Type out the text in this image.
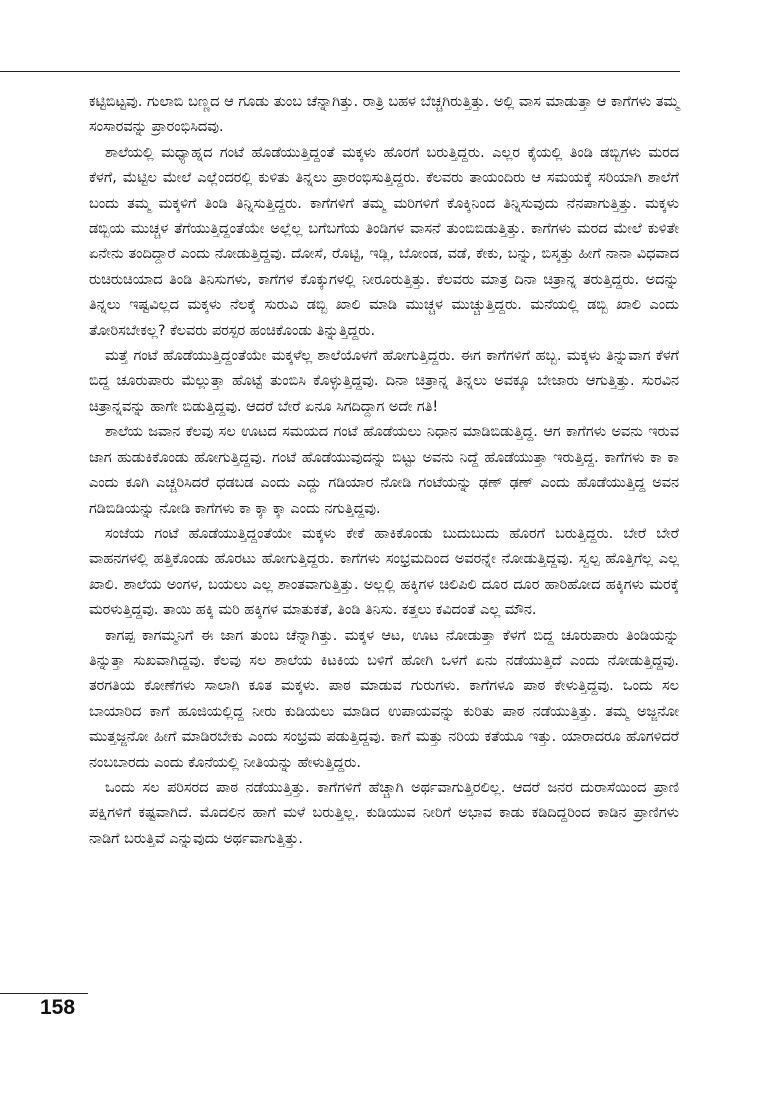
ಕಟ್ಟಿಬಿಟ್ಟವು. ಗುಲಾಬಿ ಬಣ್ಣದ ಆ ಗೂಡು ತುಂಬ ಚೆನ್ನಾಗಿತ್ತು. ರಾತ್ರಿ ಬಹಳ ಬೆಚ್ಚಗಿರುತ್ತಿತ್ತು. ಅಲ್ಲಿ ವಾಸ ಮಾಡುತ್ತಾ ಆ ಕಾಗೆಗಳು ತಮ್ಮ ಸಂಸಾರವನ್ನು ಪ್ರಾರಂಭಿಸಿದವು.

ಶಾಲೆಯಲ್ಲಿ ಮಧ್ಯಾಹ್ನದ ಗಂಟೆ ಹೊಡೆಯುತ್ತಿದ್ದಂತೆ ಮಕ್ಕಳು ಹೊರಗೆ ಬರುತ್ತಿದ್ದರು. ಎಲ್ಲರ ಕೈಯಲ್ಲಿ ತಿಂಡಿ ಡಬ್ಬಿಗಳು ಮರದ ಕೆಳಗೆ, ಮೆಟ್ಟಿಲ ಮೇಲೆ ಎಲ್ಲೆಂದರಲ್ಲಿ ಕುಳಿತು ತಿನ್ನಲು ಪ್ರಾರಂಭಿಸುತ್ತಿದ್ದರು. ಕೆಲವರು ತಾಯಂದಿರು ಆ ಸಮಯಕ್ಕೆ ಸರಿಯಾಗಿ ಶಾಲೆಗೆ ಬಂದು ತಮ್ಮ ಮಕ್ಕಳಿಗೆ ತಿಂಡಿ ತಿನ್ನಿಸುತ್ತಿದ್ದರು. ಕಾಗೆಗಳಿಗೆ ತಮ್ಮ ಮರಿಗಳಿಗೆ ಕೊಕ್ಕಿನಿಂದ ತಿನ್ನಿಸುವುದು ನೆನಪಾಗುತ್ತಿತ್ತು. ಮಕ್ಕಳು ಡಬ್ಬಿಯ ಮುಚ್ಚಳ ತೆಗೆಯುತ್ತಿದ್ದಂತೆಯೇ ಅಲ್ಲೆಲ್ಲ ಬಗೆಬಗೆಯ ತಿಂಡಿಗಳ ವಾಸನೆ ತುಂಬಿಬಿಡುತ್ತಿತ್ತು. ಕಾಗೆಗಳು ಮರದ ಮೇಲೆ ಕುಳಿತೇ ಏನೇನು ತಂದಿದ್ದಾರೆ ಎಂದು ನೋಡುತ್ತಿದ್ದವು. ದೋಸೆ, ರೊಟ್ಟಿ, ಇಡ್ಲಿ, ಬೋಂಡ, ವಡೆ, ಕೇಕು, ಬನ್ನು, ಬಿಸ್ಕತ್ತು ಹೀಗೆ ನಾನಾ ವಿಧವಾದ ರುಚಿರುಚಿಯಾದ ತಿಂಡಿ ತಿನಿಸುಗಳು, ಕಾಗೆಗಳ ಕೊಕ್ಕುಗಳಲ್ಲಿ ನೀರೂರುತ್ತಿತ್ತು. ಕೆಲವರು ಮಾತ್ರ ದಿನಾ ಚಿತ್ರಾನ್ನ ತರುತ್ತಿದ್ದರು. ಅದನ್ನು ತಿನ್ನಲು ಇಷ್ಟವಿಲ್ಲದ ಮಕ್ಕಳು ನೆಲಕ್ಕೆ ಸುರುವಿ ಡಬ್ಬಿ ಖಾಲಿ ಮಾಡಿ ಮುಚ್ಚಳ ಮುಚ್ಚುತ್ತಿದ್ದರು. ಮನೆಯಲ್ಲಿ ಡಬ್ಬಿ ಖಾಲಿ ಎಂದು ತೋರಿಸಬೇಕಲ್ಲ? ಕೆಲವರು ಪರಸ್ಪರ ಹಂಚಿಕೊಂಡು ತಿನ್ನುತ್ತಿದ್ದರು.

ಮತ್ತೆ ಗಂಟೆ ಹೊಡೆಯುತ್ತಿದ್ದಂತೆಯೇ ಮಕ್ಕಳೆಲ್ಲ ಶಾಲೆಯೊಳಗೆ ಹೋಗುತ್ತಿದ್ದರು. ಈಗ ಕಾಗೆಗಳಿಗೆ ಹಬ್ಬ. ಮಕ್ಕಳು ತಿನ್ನುವಾಗ ಕೆಳಗೆ ಬಿದ್ದ ಚೂರುಪಾರು ಮೆಲ್ಲುತ್ತಾ ಹೊಟ್ಟೆ ತುಂಬಿಸಿ ಕೊಳ್ಳುತ್ತಿದ್ದವು. ದಿನಾ ಚಿತ್ರಾನ್ನ ತಿನ್ನಲು ಅವಕ್ಕೂ ಬೇಜಾರು ಆಗುತ್ತಿತ್ತು. ಸುರವಿನ ಚಿತ್ರಾನ್ನವನ್ನು ಹಾಗೇ ಬಿಡುತ್ತಿದ್ದವು. ಆದರೆ ಬೇರೆ ಏನೂ ಸಿಗದಿದ್ದಾಗ ಅದೇ ಗತಿ!

ಶಾಲೆಯ ಜವಾನ ಕೆಲವು ಸಲ ಊಟದ ಸಮಯದ ಗಂಟೆ ಹೊಡೆಯಲು ನಿಧಾನ ಮಾಡಿಬಿಡುತ್ತಿದ್ದ. ಆಗ ಕಾಗೆಗಳು ಅವನು ಇರುವ ಜಾಗ ಹುಡುಕಿಕೊಂಡು ಹೋಗುತ್ತಿದ್ದವು. ಗಂಟೆ ಹೊಡೆಯುವುದನ್ನು ಬಿಟ್ಟು ಅವನು ನಿದ್ದೆ ಹೊಡೆಯುತ್ತಾ ಇರುತ್ತಿದ್ದ. ಕಾಗೆಗಳು ಕಾ ಕಾ ಎಂದು ಕೂಗಿ ಎಚ್ಚರಿಸಿದರೆ ಧಡಬಡ ಎಂದು ಎದ್ದು ಗಡಿಯಾರ ನೋಡಿ ಗಂಟೆಯನ್ನು ಢಣ್ ಢಣ್ ಎಂದು ಹೊಡೆಯುತ್ತಿದ್ದ ಅವನ ಗಡಿಬಿಡಿಯನ್ನು ನೋಡಿ ಕಾಗೆಗಳು ಕಾ ಕ್ಕಾ ಕ್ಕಾ ಎಂದು ನಗುತ್ತಿದ್ದವು.

ಸಂಜೆಯ ಗಂಟೆ ಹೊಡೆಯುತ್ತಿದ್ದಂತೆಯೇ ಮಕ್ಕಳು ಕೇಕೆ ಹಾಕಿಕೊಂಡು ಬುದುಬುದು ಹೊರಗೆ ಬರುತ್ತಿದ್ದರು. ಬೇರೆ ಬೇರೆ ವಾಹನಗಳಲ್ಲಿ ಹತ್ತಿಕೊಂಡು ಹೊರಟು ಹೋಗುತ್ತಿದ್ದರು. ಕಾಗೆಗಳು ಸಂಭ್ರಮದಿಂದ ಅವರನ್ನೇ ನೋಡುತ್ತಿದ್ದವು. ಸ್ವಲ್ಪ ಹೊತ್ತಿಗೆಲ್ಲ ಎಲ್ಲ ಖಾಲಿ. ಶಾಲೆಯ ಅಂಗಳ, ಬಯಲು ಎಲ್ಲ ಶಾಂತವಾಗುತ್ತಿತ್ತು. ಅಲ್ಲಲ್ಲಿ ಹಕ್ಕಿಗಳ ಚಿಲಿಪಿಲಿ ದೂರ ದೂರ ಹಾರಿಹೋದ ಹಕ್ಕಿಗಳು ಮರಕ್ಕೆ ಮರಳುತ್ತಿದ್ದವು. ತಾಯಿ ಹಕ್ಕಿ ಮರಿ ಹಕ್ಕಿಗಳ ಮಾತುಕತೆ, ತಿಂಡಿ ತಿನಿಸು. ಕತ್ತಲು ಕವಿದಂತೆ ಎಲ್ಲ ಮೌನ.

ಕಾಗಪ್ಪ ಕಾಗಮ್ಮನಿಗೆ ಈ ಜಾಗ ತುಂಬ ಚೆನ್ನಾಗಿತ್ತು. ಮಕ್ಕಳ ಆಟ, ಊಟ ನೋಡುತ್ತಾ ಕೆಳಗೆ ಬಿದ್ದ ಚೂರುಪಾರು ತಿಂಡಿಯನ್ನು ತಿನ್ನುತ್ತಾ ಸುಖವಾಗಿದ್ದವು. ಕೆಲವು ಸಲ ಶಾಲೆಯ ಕಿಟಕಿಯ ಬಳಿಗೆ ಹೋಗಿ ಒಳಗೆ ಏನು ನಡೆಯುತ್ತಿದೆ ಎಂದು ನೋಡುತ್ತಿದ್ದವು. ತರಗತಿಯ ಕೋಣೆಗಳು ಸಾಲಾಗಿ ಕೂತ ಮಕ್ಕಳು. ಪಾಠ ಮಾಡುವ ಗುರುಗಳು. ಕಾಗೆಗಳೂ ಪಾಠ ಕೇಳುತ್ತಿದ್ದವು. ಒಂದು ಸಲ ಬಾಯಾರಿದ ಕಾಗೆ ಹೂಜಿಯಲ್ಲಿದ್ದ ನೀರು ಕುಡಿಯಲು ಮಾಡಿದ ಉಪಾಯವನ್ನು ಕುರಿತು ಪಾಠ ನಡೆಯುತ್ತಿತ್ತು. ತಮ್ಮ ಅಜ್ಜನೋ ಮುತ್ತಜ್ಜನೋ ಹೀಗೆ ಮಾಡಿರಬೇಕು ಎಂದು ಸಂಭ್ರಮ ಪಡುತ್ತಿದ್ದವು. ಕಾಗೆ ಮತ್ತು ನರಿಯ ಕತೆಯೂ ಇತ್ತು. ಯಾರಾದರೂ ಹೊಗಳಿದರೆ ನಂಬಬಾರದು ಎಂದು ಕೊನೆಯಲ್ಲಿ ನೀತಿಯನ್ನು ಹೇಳುತ್ತಿದ್ದರು.

ಒಂದು ಸಲ ಪರಿಸರದ ಪಾಠ ನಡೆಯುತ್ತಿತ್ತು. ಕಾಗೆಗಳಿಗೆ ಹೆಚ್ಚಾಗಿ ಅರ್ಥವಾಗುತ್ತಿರಲಿಲ್ಲ. ಆದರೆ ಜನರ ದುರಾಸೆಯಿಂದ ಪ್ರಾಣಿ ಪಕ್ಷಿಗಳಿಗೆ ಕಷ್ಟವಾಗಿದೆ. ಮೊದಲಿನ ಹಾಗೆ ಮಳೆ ಬರುತ್ತಿಲ್ಲ. ಕುಡಿಯುವ ನೀರಿಗೆ ಅಭಾವ ಕಾಡು ಕಡಿದಿದ್ದರಿಂದ ಕಾಡಿನ ಪ್ರಾಣಿಗಳು ನಾಡಿಗೆ ಬರುತ್ತಿವೆ ಎನ್ನುವುದು ಅರ್ಥವಾಗುತ್ತಿತ್ತು.

158
